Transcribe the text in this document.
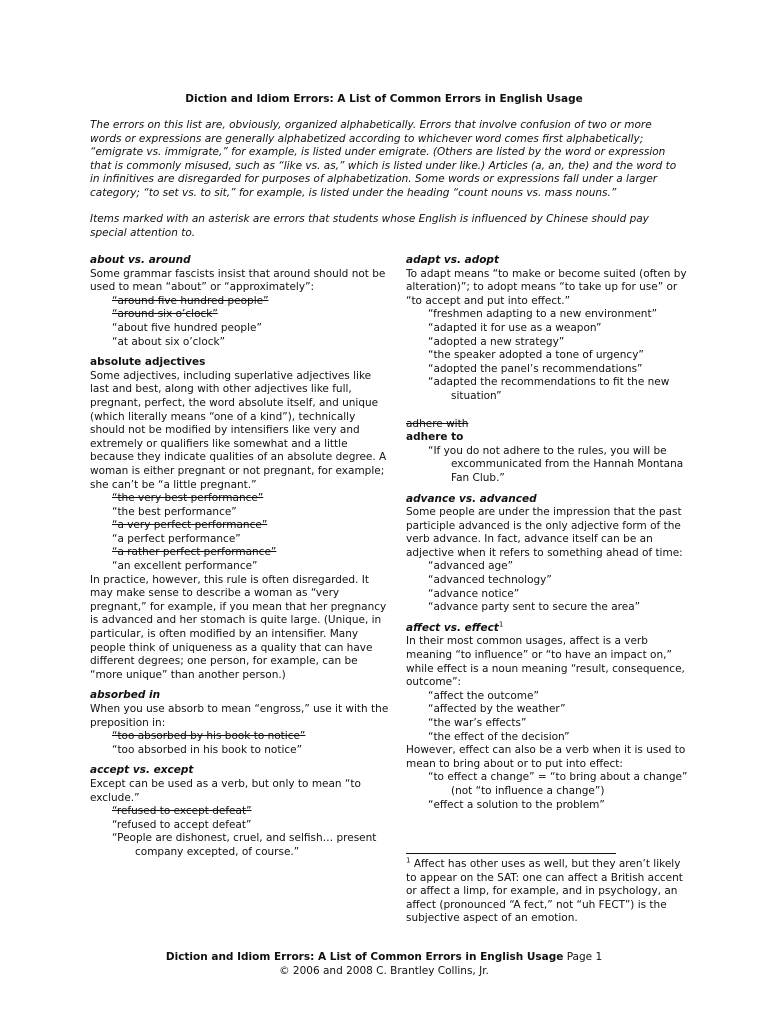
Diction and Idiom Errors: A List of Common Errors in English Usage

The errors on this list are, obviously, organized alphabetically. Errors that involve confusion of two or more words or expressions are generally alphabetized according to whichever word comes first alphabetically; “emigrate vs. immigrate,” for example, is listed under emigrate. (Others are listed by the word or expression that is commonly misused, such as “like vs. as,” which is listed under like.) Articles (a, an, the) and the word to in infinitives are disregarded for purposes of alphabetization. Some words or expressions fall under a larger category; “to set vs. to sit,” for example, is listed under the heading “count nouns vs. mass nouns.”

Items marked with an asterisk are errors that students whose English is influenced by Chinese should pay special attention to.

about vs. around

Some grammar fascists insist that around should not be used to mean “about” or “approximately”:

“around five hundred people”

“around six o’clock”

“about five hundred people”

“at about six o’clock”

absolute adjectives

Some adjectives, including superlative adjectives like last and best, along with other adjectives like full, pregnant, perfect, the word absolute itself, and unique (which literally means “one of a kind”), technically should not be modified by intensifiers like very and extremely or qualifiers like somewhat and a little because they indicate qualities of an absolute degree. A woman is either pregnant or not pregnant, for example; she can’t be “a little pregnant.”

“the very best performance”

“the best performance”

“a very perfect performance”

“a perfect performance”

“a rather perfect performance”

“an excellent performance”

In practice, however, this rule is often disregarded. It may make sense to describe a woman as “very pregnant,” for example, if you mean that her pregnancy is advanced and her stomach is quite large. (Unique, in particular, is often modified by an intensifier. Many people think of uniqueness as a quality that can have different degrees; one person, for example, can be “more unique” than another person.)

absorbed in

When you use absorb to mean “engross,” use it with the preposition in:

“too absorbed by his book to notice”

“too absorbed in his book to notice”

accept vs. except

Except can be used as a verb, but only to mean “to exclude.”

“refused to except defeat”

“refused to accept defeat”

“People are dishonest, cruel, and selfish… present company excepted, of course.”

adapt vs. adopt

To adapt means “to make or become suited (often by alteration)”; to adopt means “to take up for use” or “to accept and put into effect.”

“freshmen adapting to a new environment”

“adapted it for use as a weapon”

“adopted a new strategy”

“the speaker adopted a tone of urgency”

“adopted the panel’s recommendations”

“adapted the recommendations to fit the new situation”

adhere with

adhere to

“If you do not adhere to the rules, you will be excommunicated from the Hannah Montana Fan Club.”

advance vs. advanced

Some people are under the impression that the past participle advanced is the only adjective form of the verb advance. In fact, advance itself can be an adjective when it refers to something ahead of time:

“advanced age”

“advanced technology”

“advance notice”

“advance party sent to secure the area”

affect vs. effect$^1$

In their most common usages, affect is a verb meaning “to influence” or “to have an impact on,” while effect is a noun meaning “result, consequence, outcome”:

“affect the outcome”

“affected by the weather”

“the war’s effects”

“the effect of the decision”

However, effect can also be a verb when it is used to mean to bring about or to put into effect:

“to effect a change” = “to bring about a change” (not “to influence a change”)

“effect a solution to the problem”

$^1$ Affect has other uses as well, but they aren’t likely to appear on the SAT: one can affect a British accent or affect a limp, for example, and in psychology, an affect (pronounced “A fect,” not “uh FECT”) is the subjective aspect of an emotion.

Diction and Idiom Errors: A List of Common Errors in English Usage Page 1
© 2006 and 2008 C. Brantley Collins, Jr.
